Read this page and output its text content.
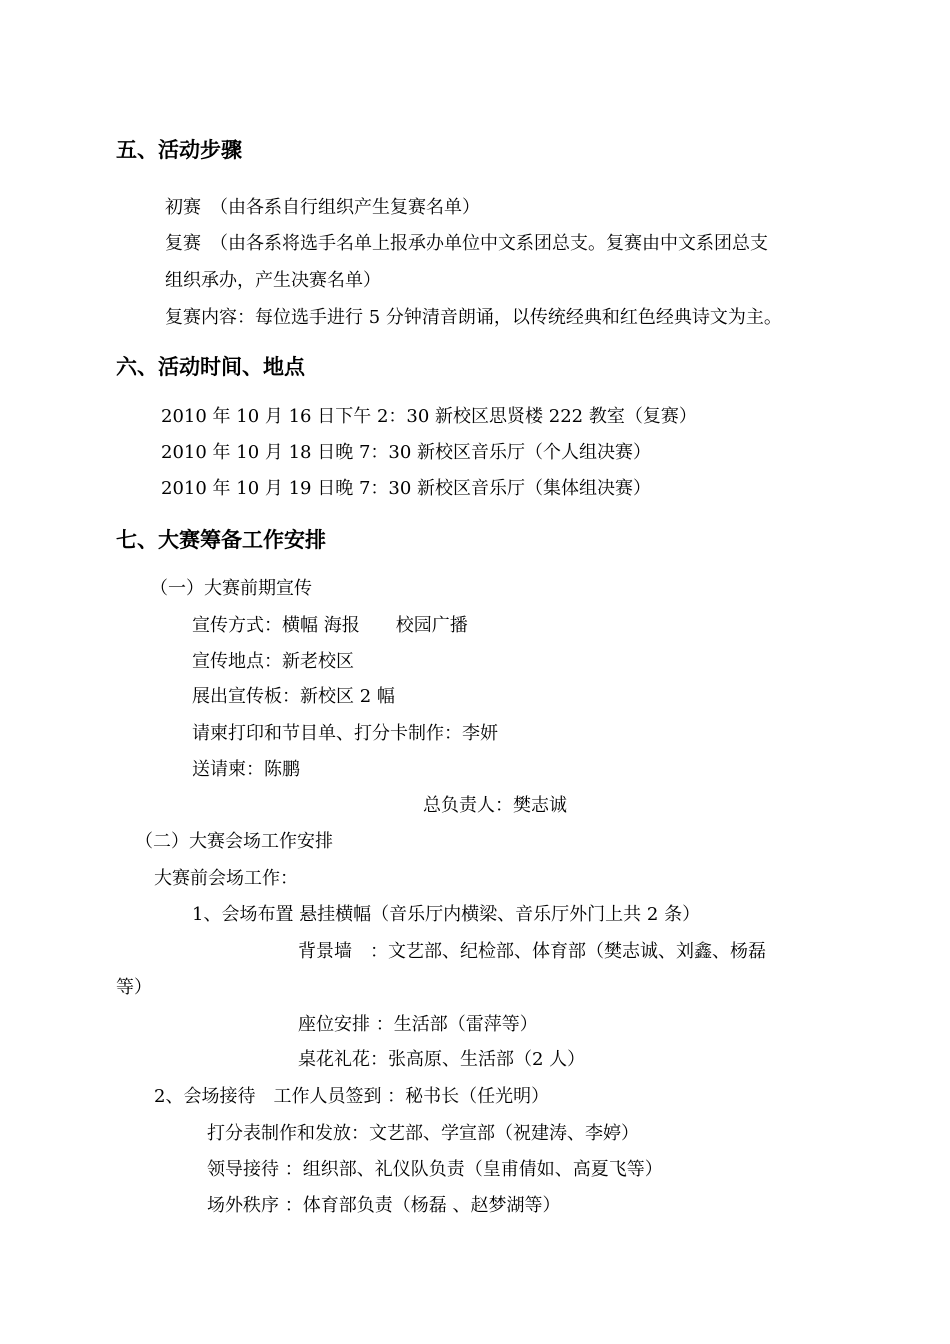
五、活动步骤
初赛　（由各系自行组织产生复赛名单）
复赛　（由各系将选手名单上报承办单位中文系团总支。复赛由中文系团总支
组织承办，产生决赛名单）
复赛内容：每位选手进行 5 分钟清音朗诵，以传统经典和红色经典诗文为主。
六、活动时间、地点
2010 年 10 月 16 日下午 2：30 新校区思贤楼 222 教室（复赛）
2010 年 10 月 18 日晚 7：30 新校区音乐厅（个人组决赛）
2010 年 10 月 19 日晚 7：30 新校区音乐厅（集体组决赛）
七、大赛筹备工作安排
（一）大赛前期宣传
宣传方式：横幅 海报　　校园广播
宣传地点：新老校区
展出宣传板：新校区 2 幅
请柬打印和节目单、打分卡制作：李妍
送请柬：陈鹏
总负责人：樊志诚
（二）大赛会场工作安排
大赛前会场工作：
1、会场布置 悬挂横幅（音乐厅内横梁、音乐厅外门上共 2 条）
背景墙　：文艺部、纪检部、体育部（樊志诚、刘鑫、杨磊
等）
座位安排 ：生活部（雷萍等）
桌花礼花：张高原、生活部（2 人）
2、会场接待　工作人员签到 ：秘书长（任光明）
打分表制作和发放：文艺部、学宣部（祝建涛、李婷）
领导接待 ：组织部、礼仪队负责（皇甫倩如、高夏飞等）
场外秩序 ：体育部负责（杨磊 、赵梦湖等）
